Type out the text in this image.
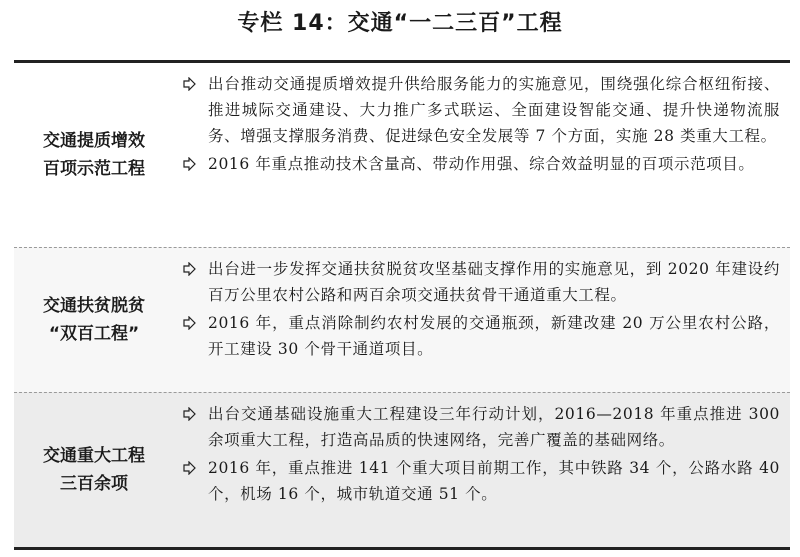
专栏 14：交通“一二三百”工程
交通提质增效
百项示范工程
出台推动交通提质增效提升供给服务能力的实施意见，围绕强化综合枢纽衔接、推进城际交通建设、大力推广多式联运、全面建设智能交通、提升快递物流服务、增强支撑服务消费、促进绿色安全发展等 7 个方面，实施 28 类重大工程。
2016 年重点推动技术含量高、带动作用强、综合效益明显的百项示范项目。
交通扶贫脱贫
“双百工程”
出台进一步发挥交通扶贫脱贫攻坚基础支撑作用的实施意见，到 2020 年建设约百万公里农村公路和两百余项交通扶贫骨干通道重大工程。
2016 年，重点消除制约农村发展的交通瓶颈，新建改建 20 万公里农村公路，开工建设 30 个骨干通道项目。
交通重大工程
三百余项
出台交通基础设施重大工程建设三年行动计划，2016—2018 年重点推进 300 余项重大工程，打造高品质的快速网络，完善广覆盖的基础网络。
2016 年，重点推进 141 个重大项目前期工作，其中铁路 34 个，公路水路 40 个，机场 16 个，城市轨道交通 51 个。
